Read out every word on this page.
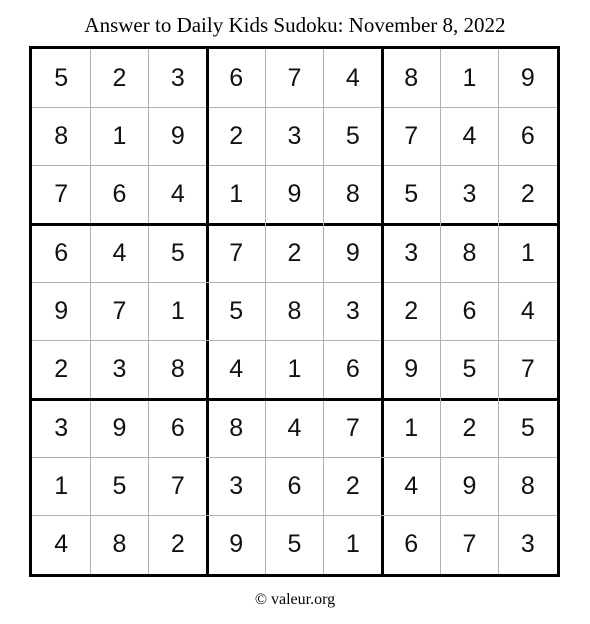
Answer to Daily Kids Sudoku: November 8, 2022
5	2	3	6	7	4	8	1	9
8	1	9	2	3	5	7	4	6
7	6	4	1	9	8	5	3	2
6	4	5	7	2	9	3	8	1
9	7	1	5	8	3	2	6	4
2	3	8	4	1	6	9	5	7
3	9	6	8	4	7	1	2	5
1	5	7	3	6	2	4	9	8
4	8	2	9	5	1	6	7	3
© valeur.org
